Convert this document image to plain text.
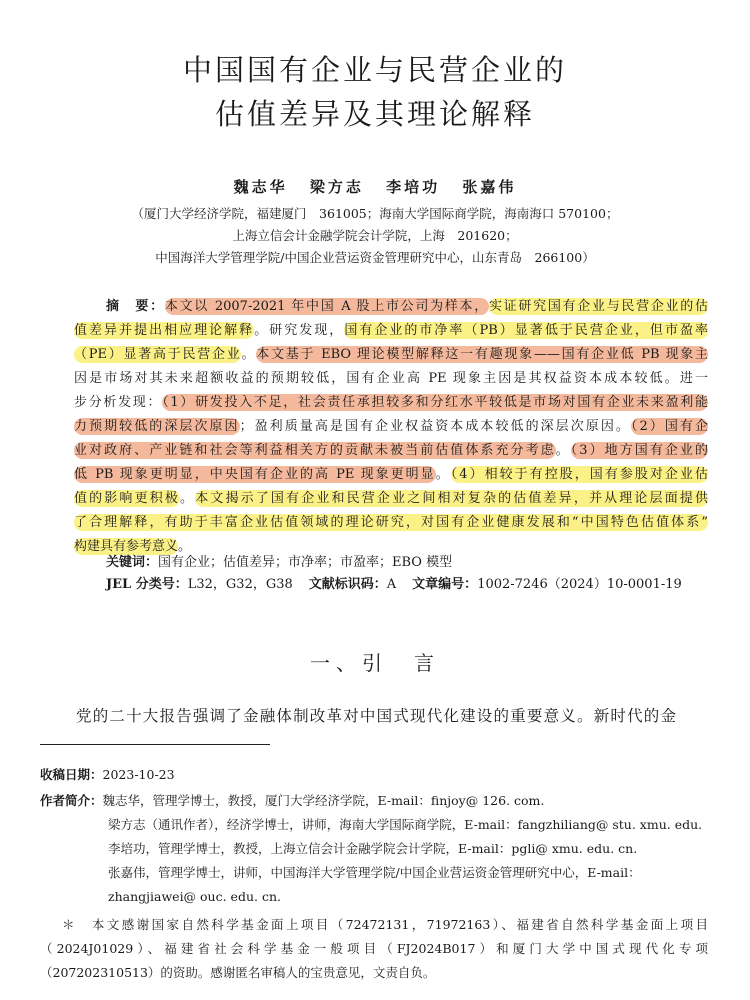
中国国有企业与民营企业的
估值差异及其理论解释
魏志华 梁方志 李培功 张嘉伟
（厦门大学经济学院，福建厦门　361005；海南大学国际商学院，海南海口 570100；
上海立信会计金融学院会计学院，上海　201620；
中国海洋大学管理学院/中国企业营运资金管理研究中心，山东青岛　266100）
摘　要：本文以 2007-2021 年中国 A 股上市公司为样本，实证研究国有企业与民营企业的估
值差异并提出相应理论解释。研究发现，国有企业的市净率（PB）显著低于民营企业，但市盈率
（PE）显著高于民营企业。本文基于 EBO 理论模型解释这一有趣现象——国有企业低 PB 现象主
因是市场对其未来超额收益的预期较低，国有企业高 PE 现象主因是其权益资本成本较低。进一
步分析发现：（1）研发投入不足，社会责任承担较多和分红水平较低是市场对国有企业未来盈利能
力预期较低的深层次原因；盈利质量高是国有企业权益资本成本较低的深层次原因。（2）国有企
业对政府、产业链和社会等利益相关方的贡献未被当前估值体系充分考虑。（3）地方国有企业的
低 PB 现象更明显，中央国有企业的高 PE 现象更明显。（4）相较于有控股，国有参股对企业估
值的影响更积极。本文揭示了国有企业和民营企业之间相对复杂的估值差异，并从理论层面提供
了合理解释，有助于丰富企业估值领域的理论研究，对国有企业健康发展和“中国特色估值体系”
构建具有参考意义。
关键词：国有企业；估值差异；市净率；市盈率；EBO 模型
JEL 分类号：L32，G32，G38 文献标识码：A 文章编号：1002-7246（2024）10-0001-19
一、引　言
党的二十大报告强调了金融体制改革对中国式现代化建设的重要意义。新时代的金
收稿日期：2023-10-23
作者简介：魏志华，管理学博士，教授，厦门大学经济学院，E-mail：finjoy@ 126. com.
梁方志（通讯作者），经济学博士，讲师，海南大学国际商学院，E-mail：fangzhiliang@ stu. xmu. edu.
李培功，管理学博士，教授，上海立信会计金融学院会计学院，E-mail：pgli@ xmu. edu. cn.
张嘉伟，管理学博士，讲师，中国海洋大学管理学院/中国企业营运资金管理研究中心，E-mail：
zhangjiawei@ ouc. edu. cn.
＊　本文感谢国家自然科学基金面上项目（72472131，71972163）、福建省自然科学基金面上项目
（2024J01029）、福建省社会科学基金一般项目（FJ2024B017）和厦门大学中国式现代化专项
（207202310513）的资助。感谢匿名审稿人的宝贵意见，文责自负。
